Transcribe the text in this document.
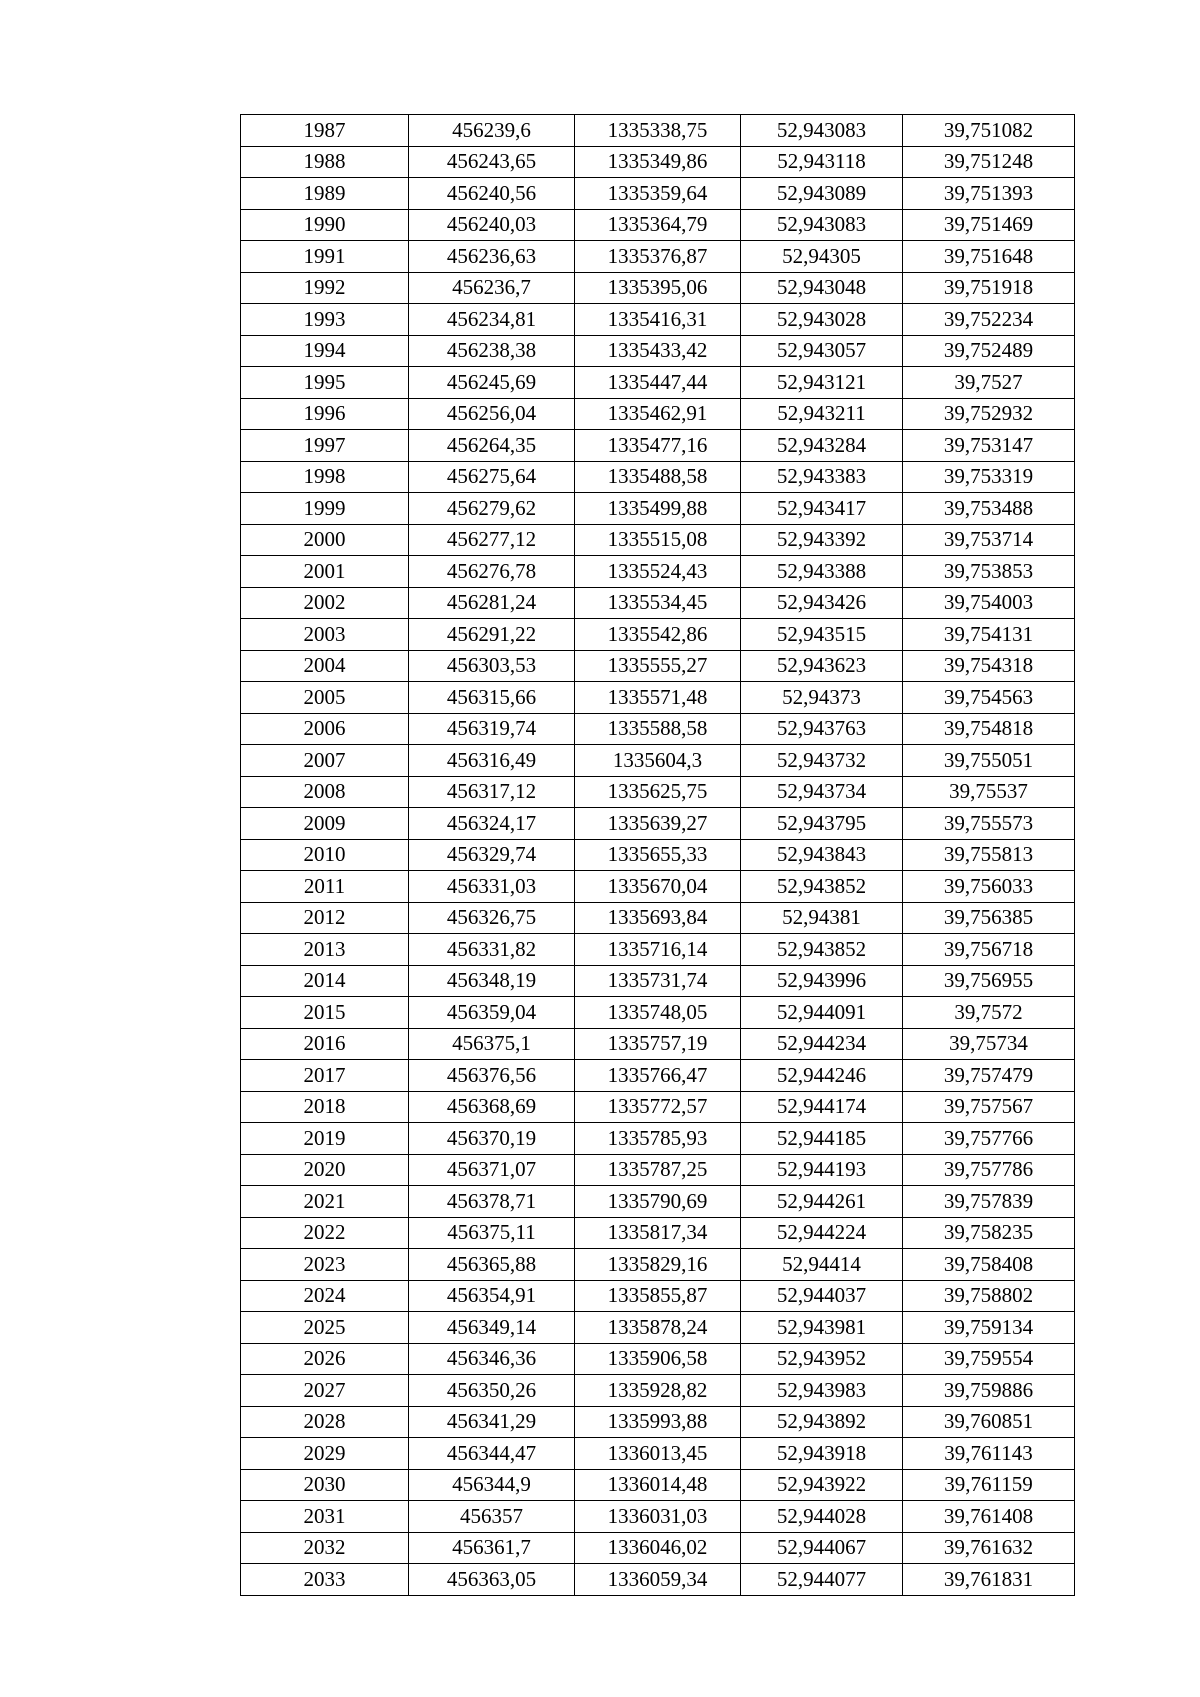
1987	456239,6	1335338,75	52,943083	39,751082
1988	456243,65	1335349,86	52,943118	39,751248
1989	456240,56	1335359,64	52,943089	39,751393
1990	456240,03	1335364,79	52,943083	39,751469
1991	456236,63	1335376,87	52,94305	39,751648
1992	456236,7	1335395,06	52,943048	39,751918
1993	456234,81	1335416,31	52,943028	39,752234
1994	456238,38	1335433,42	52,943057	39,752489
1995	456245,69	1335447,44	52,943121	39,7527
1996	456256,04	1335462,91	52,943211	39,752932
1997	456264,35	1335477,16	52,943284	39,753147
1998	456275,64	1335488,58	52,943383	39,753319
1999	456279,62	1335499,88	52,943417	39,753488
2000	456277,12	1335515,08	52,943392	39,753714
2001	456276,78	1335524,43	52,943388	39,753853
2002	456281,24	1335534,45	52,943426	39,754003
2003	456291,22	1335542,86	52,943515	39,754131
2004	456303,53	1335555,27	52,943623	39,754318
2005	456315,66	1335571,48	52,94373	39,754563
2006	456319,74	1335588,58	52,943763	39,754818
2007	456316,49	1335604,3	52,943732	39,755051
2008	456317,12	1335625,75	52,943734	39,75537
2009	456324,17	1335639,27	52,943795	39,755573
2010	456329,74	1335655,33	52,943843	39,755813
2011	456331,03	1335670,04	52,943852	39,756033
2012	456326,75	1335693,84	52,94381	39,756385
2013	456331,82	1335716,14	52,943852	39,756718
2014	456348,19	1335731,74	52,943996	39,756955
2015	456359,04	1335748,05	52,944091	39,7572
2016	456375,1	1335757,19	52,944234	39,75734
2017	456376,56	1335766,47	52,944246	39,757479
2018	456368,69	1335772,57	52,944174	39,757567
2019	456370,19	1335785,93	52,944185	39,757766
2020	456371,07	1335787,25	52,944193	39,757786
2021	456378,71	1335790,69	52,944261	39,757839
2022	456375,11	1335817,34	52,944224	39,758235
2023	456365,88	1335829,16	52,94414	39,758408
2024	456354,91	1335855,87	52,944037	39,758802
2025	456349,14	1335878,24	52,943981	39,759134
2026	456346,36	1335906,58	52,943952	39,759554
2027	456350,26	1335928,82	52,943983	39,759886
2028	456341,29	1335993,88	52,943892	39,760851
2029	456344,47	1336013,45	52,943918	39,761143
2030	456344,9	1336014,48	52,943922	39,761159
2031	456357	1336031,03	52,944028	39,761408
2032	456361,7	1336046,02	52,944067	39,761632
2033	456363,05	1336059,34	52,944077	39,761831
